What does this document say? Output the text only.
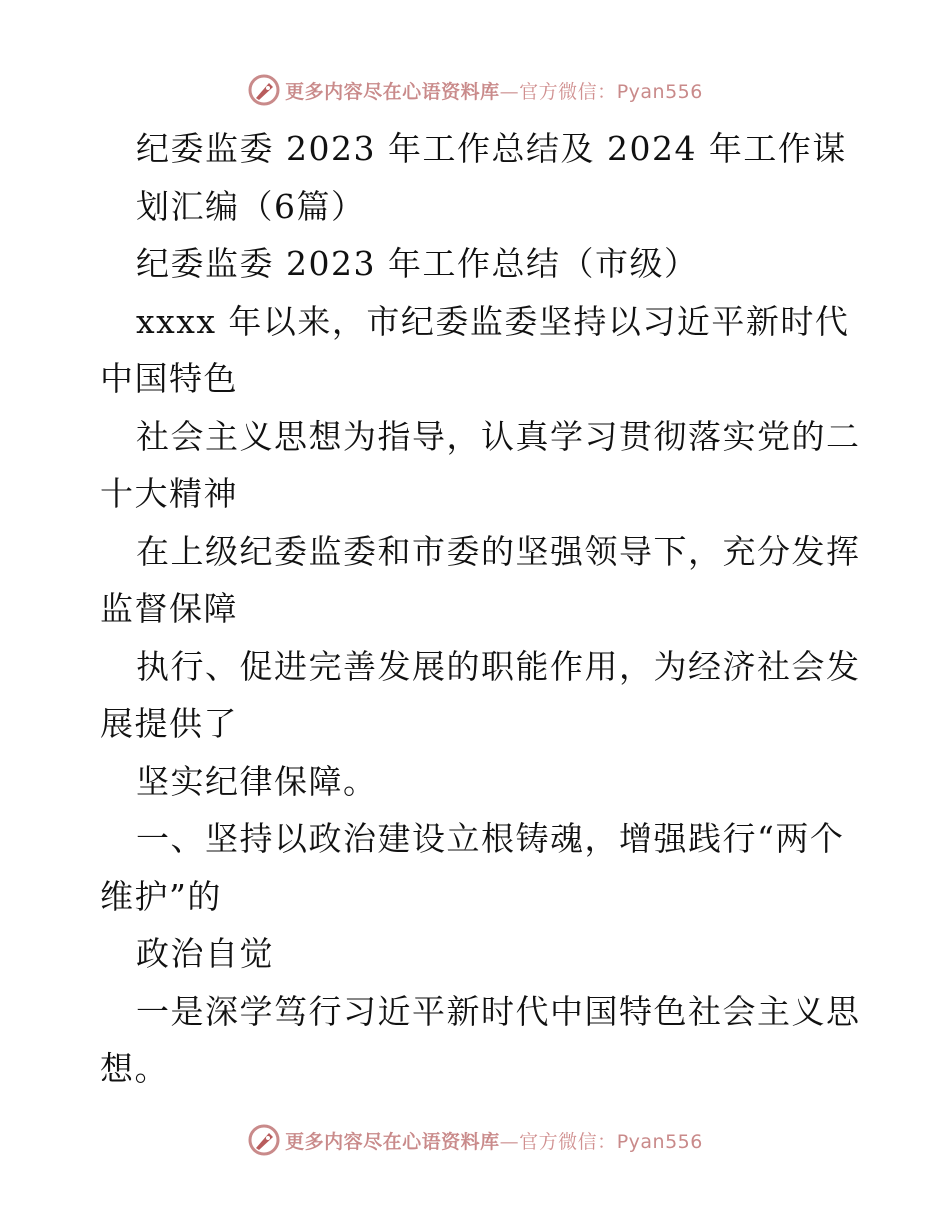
更多内容尽在心语资料库—官方微信：Pyan556
纪委监委 2023 年工作总结及 2024 年工作谋
划汇编（6篇）
纪委监委 2023 年工作总结（市级）
xxxx 年以来，市纪委监委坚持以习近平新时代
中国特色
社会主义思想为指导，认真学习贯彻落实党的二
十大精神
在上级纪委监委和市委的坚强领导下，充分发挥
监督保障
执行、促进完善发展的职能作用，为经济社会发
展提供了
坚实纪律保障。
一、坚持以政治建设立根铸魂，增强践行“两个
维护”的
政治自觉
一是深学笃行习近平新时代中国特色社会主义思
想。
更多内容尽在心语资料库—官方微信：Pyan556
